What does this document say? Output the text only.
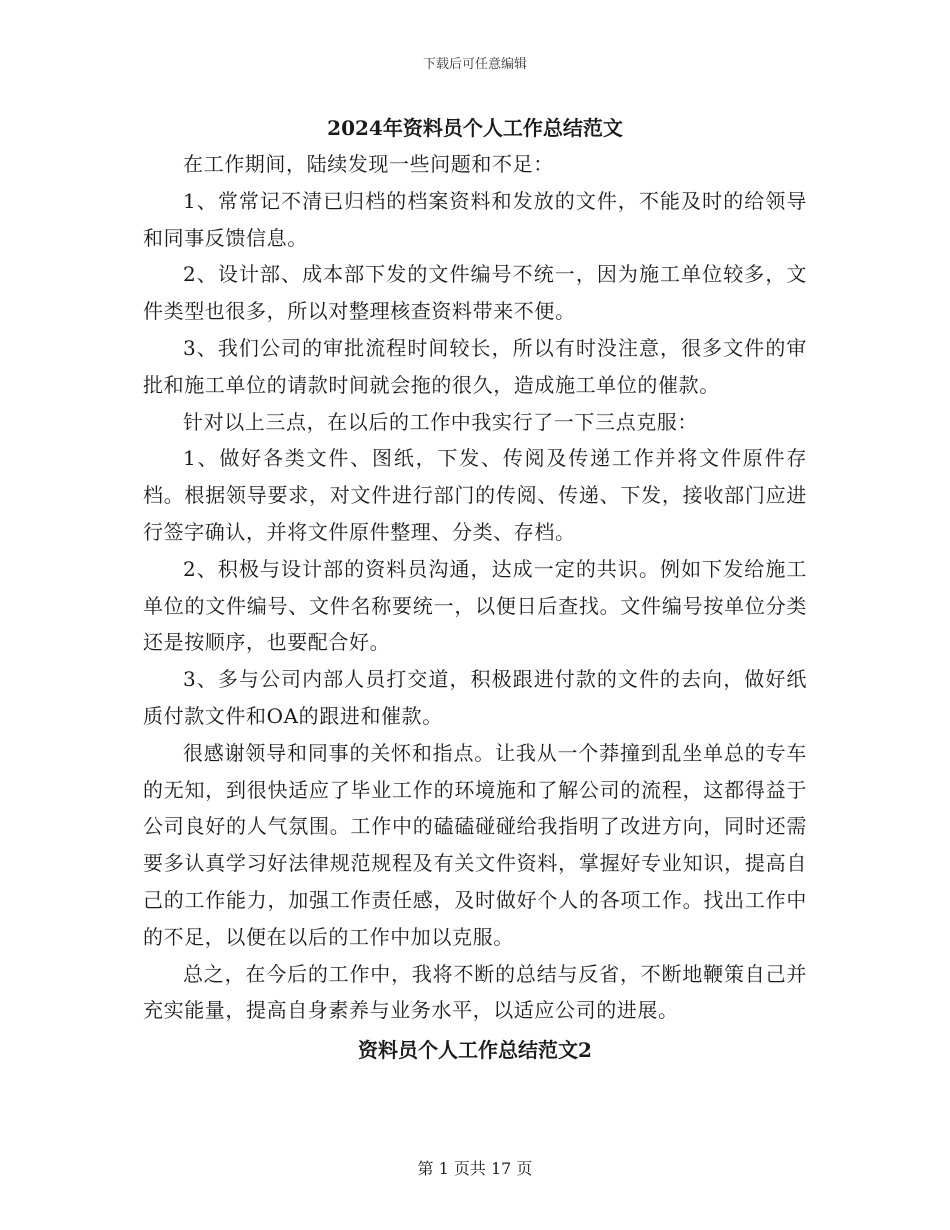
下载后可任意编辑
2024年资料员个人工作总结范文

在工作期间，陆续发现一些问题和不足：

1、常常记不清已归档的档案资料和发放的文件，不能及时的给领导和同事反馈信息。

2、设计部、成本部下发的文件编号不统一，因为施工单位较多，文件类型也很多，所以对整理核查资料带来不便。

3、我们公司的审批流程时间较长，所以有时没注意，很多文件的审批和施工单位的请款时间就会拖的很久，造成施工单位的催款。

针对以上三点，在以后的工作中我实行了一下三点克服：

1、做好各类文件、图纸，下发、传阅及传递工作并将文件原件存档。根据领导要求，对文件进行部门的传阅、传递、下发，接收部门应进行签字确认，并将文件原件整理、分类、存档。

2、积极与设计部的资料员沟通，达成一定的共识。例如下发给施工单位的文件编号、文件名称要统一，以便日后查找。文件编号按单位分类还是按顺序，也要配合好。

3、多与公司内部人员打交道，积极跟进付款的文件的去向，做好纸质付款文件和OA的跟进和催款。

很感谢领导和同事的关怀和指点。让我从一个莽撞到乱坐单总的专车的无知，到很快适应了毕业工作的环境施和了解公司的流程，这都得益于公司良好的人气氛围。工作中的磕磕碰碰给我指明了改进方向，同时还需要多认真学习好法律规范规程及有关文件资料，掌握好专业知识，提高自己的工作能力，加强工作责任感，及时做好个人的各项工作。找出工作中的不足，以便在以后的工作中加以克服。

总之，在今后的工作中，我将不断的总结与反省，不断地鞭策自己并充实能量，提高自身素养与业务水平，以适应公司的进展。

资料员个人工作总结范文2
第 1 页共 17 页
